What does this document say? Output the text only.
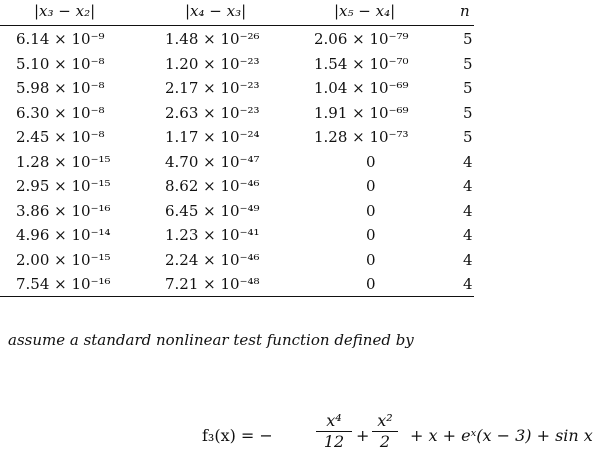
|x₃ − x₂|	|x₄ − x₃|	|x₅ − x₄|	n
6.14 × 10⁻⁹	1.48 × 10⁻²⁶	2.06 × 10⁻⁷⁹	5
5.10 × 10⁻⁸	1.20 × 10⁻²³	1.54 × 10⁻⁷⁰	5
5.98 × 10⁻⁸	2.17 × 10⁻²³	1.04 × 10⁻⁶⁹	5
6.30 × 10⁻⁸	2.63 × 10⁻²³	1.91 × 10⁻⁶⁹	5
2.45 × 10⁻⁸	1.17 × 10⁻²⁴	1.28 × 10⁻⁷³	5
1.28 × 10⁻¹⁵	4.70 × 10⁻⁴⁷	0	4
2.95 × 10⁻¹⁵	8.62 × 10⁻⁴⁶	0	4
3.86 × 10⁻¹⁶	6.45 × 10⁻⁴⁹	0	4
4.96 × 10⁻¹⁴	1.23 × 10⁻⁴¹	0	4
2.00 × 10⁻¹⁵	2.24 × 10⁻⁴⁶	0	4
7.54 × 10⁻¹⁶	7.21 × 10⁻⁴⁸	0	4
assume a standard nonlinear test function defined by
f₃(x) = −
x⁴
12 +
x²
2	+ x + eˣ(x − 3) + sin x
